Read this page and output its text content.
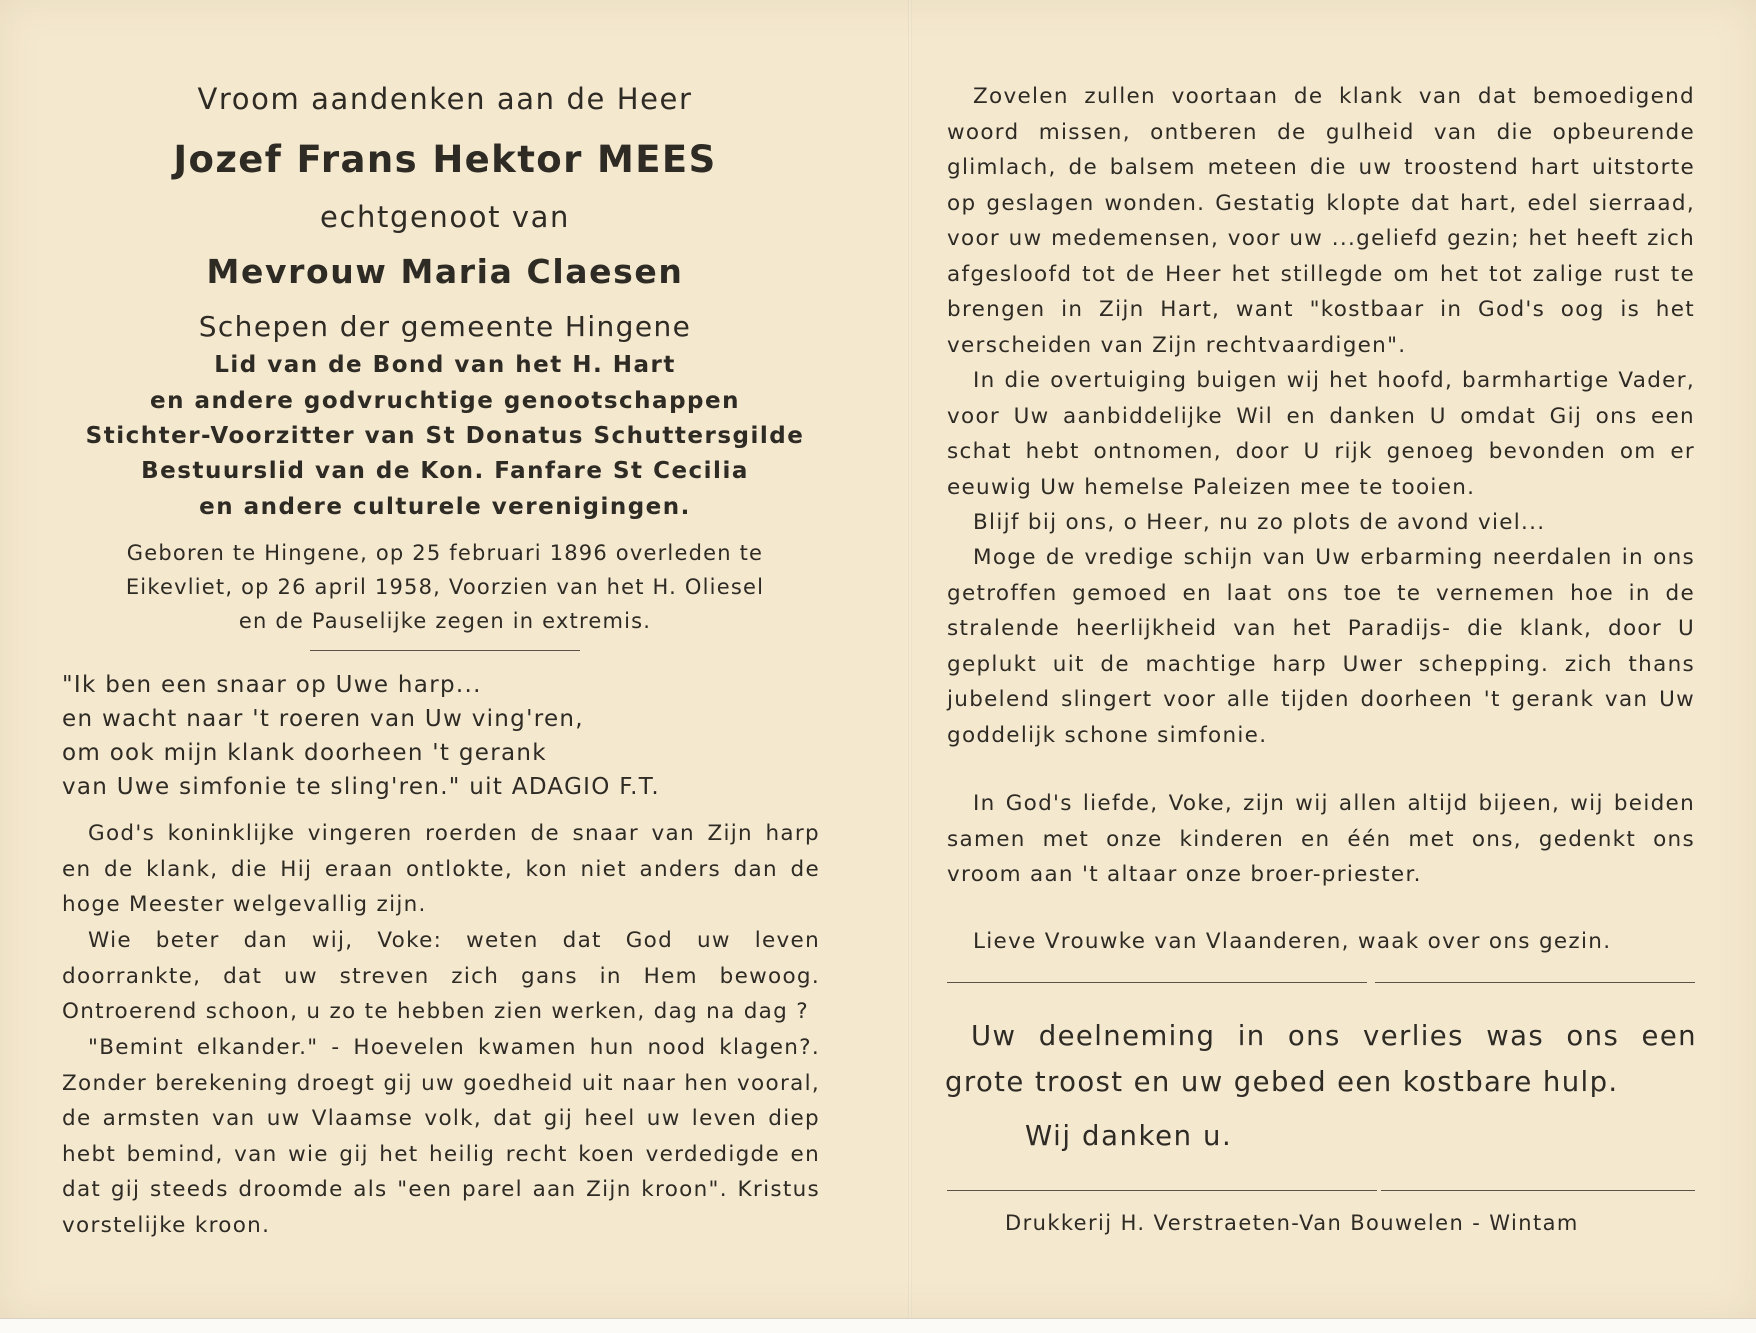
Vroom aandenken aan de Heer
Jozef Frans Hektor MEES
echtgenoot van
Mevrouw Maria Claesen
Schepen der gemeente Hingene
Lid van de Bond van het H. Hart
en andere godvruchtige genootschappen
Stichter-Voorzitter van St Donatus Schuttersgilde
Bestuurslid van de Kon. Fanfare St Cecilia
en andere culturele verenigingen.
Geboren te Hingene, op 25 februari 1896 overleden te
Eikevliet, op 26 april 1958, Voorzien van het H. Oliesel
en de Pauselijke zegen in extremis.
"Ik ben een snaar op Uwe harp...
en wacht naar 't roeren van Uw ving'ren,
om ook mijn klank doorheen 't gerank
van Uwe simfonie te sling'ren." uit ADAGIO F.T.
God's koninklijke vingeren roerden de snaar van Zijn harp en de klank, die Hij eraan ontlokte, kon niet anders dan de hoge Meester welgevallig zijn.
Wie beter dan wij, Voke: weten dat God uw leven doorrankte, dat uw streven zich gans in Hem bewoog. Ontroerend schoon, u zo te hebben zien werken, dag na dag ?
"Bemint elkander." - Hoevelen kwamen hun nood klagen?. Zonder berekening droegt gij uw goedheid uit naar hen vooral, de armsten van uw Vlaamse volk, dat gij heel uw leven diep hebt bemind, van wie gij het heilig recht koen verdedigde en dat gij steeds droomde als "een parel aan Zijn kroon". Kristus vorstelijke kroon.
Zovelen zullen voortaan de klank van dat bemoedigend woord missen, ontberen de gulheid van die opbeurende glimlach, de balsem meteen die uw troostend hart uitstorte op geslagen wonden. Gestatig klopte dat hart, edel sierraad, voor uw medemensen, voor uw ...geliefd gezin; het heeft zich afgesloofd tot de Heer het stillegde om het tot zalige rust te brengen in Zijn Hart, want "kostbaar in God's oog is het verscheiden van Zijn rechtvaardigen".
In die overtuiging buigen wij het hoofd, barmhartige Vader, voor Uw aanbiddelijke Wil en danken U omdat Gij ons een schat hebt ontnomen, door U rijk genoeg bevonden om er eeuwig Uw hemelse Paleizen mee te tooien.
Blijf bij ons, o Heer, nu zo plots de avond viel...
Moge de vredige schijn van Uw erbarming neerdalen in ons getroffen gemoed en laat ons toe te vernemen hoe in de stralende heerlijkheid van het Paradijs- die klank, door U geplukt uit de machtige harp Uwer schepping. zich thans jubelend slingert voor alle tijden doorheen 't gerank van Uw goddelijk schone simfonie.
In God's liefde, Voke, zijn wij allen altijd bijeen, wij beiden samen met onze kinderen en één met ons, gedenkt ons vroom aan 't altaar onze broer-priester.
Lieve Vrouwke van Vlaanderen, waak over ons gezin.
Uw deelneming in ons verlies was ons een grote troost en uw gebed een kostbare hulp.
Wij danken u.
Drukkerij H. Verstraeten-Van Bouwelen - Wintam
